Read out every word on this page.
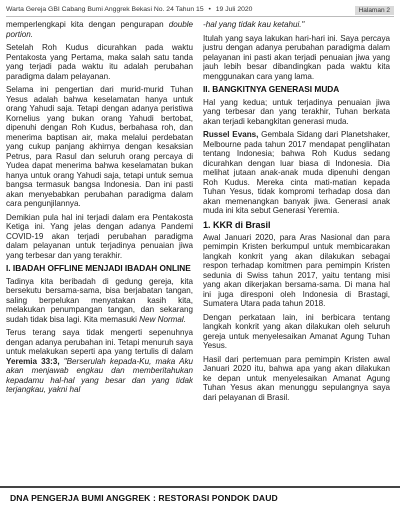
Warta Gereja GBI Cabang Bumi Anggrek Bekasi No. 24 Tahun 15 • 19 Juli 2020	Halaman 2

memperlengkapi kita dengan pengurapan double portion.

Setelah Roh Kudus dicurahkan pada waktu Pentakosta yang Pertama, maka salah satu tanda yang terjadi pada waktu itu adalah perubahan paradigma dalam pelayanan.

Selama ini pengertian dari murid-murid Tuhan Yesus adalah bahwa keselamatan hanya untuk orang Yahudi saja. Tetapi dengan adanya peristiwa Kornelius yang bukan orang Yahudi bertobat, dipenuhi dengan Roh Kudus, berbahasa roh, dan menerima baptisan air, maka melalui perdebatan yang cukup panjang akhirnya dengan kesaksian Petrus, para Rasul dan seluruh orang percaya di Yudea dapat menerima bahwa keselamatan bukan hanya untuk orang Yahudi saja, tetapi untuk semua bangsa termasuk bangsa Indonesia. Dan ini pasti akan menyebabkan perubahan paradigma dalam cara pengunjilannya.

Demikian pula hal ini terjadi dalam era Pentakosta Ketiga ini. Yang jelas dengan adanya Pandemi COVID-19 akan terjadi perubahan paradigma dalam pelayanan untuk terjadinya penuaian jiwa yang terbesar dan yang terakhir.

I. IBADAH OFFLINE MENJADI IBADAH ONLINE

Tadinya kita beribadah di gedung gereja, kita bersekutu bersama-sama, bisa berjabatan tangan, saling berpelukan menyatakan kasih kita, melakukan penumpangan tangan, dan sekarang sudah tidak bisa lagi. Kita memasuki New Normal.

Terus terang saya tidak mengerti sepenuhnya dengan adanya perubahan ini. Tetapi menuruh saya untuk melakukan seperti apa yang tertulis di dalam Yeremia 33:3, "Berserulah kepada-Ku, maka Aku akan menjawab engkau dan memberitahukan kepadamu hal-hal yang besar dan yang tidak terjangkau, yakni hal

-hal yang tidak kau ketahui."

Itulah yang saya lakukan hari-hari ini. Saya percaya justru dengan adanya perubahan paradigma dalam pelayanan ini pasti akan terjadi penuaian jiwa yang jauh lebih besar dibandingkan pada waktu kita menggunakan cara yang lama.

II. BANGKITNYA GENERASI MUDA

Hal yang kedua; untuk terjadinya penuaian jiwa yang terbesar dan yang terakhir, Tuhan berkata akan terjadi kebangkitan generasi muda.

Russel Evans, Gembala Sidang dari Planetshaker, Melbourne pada tahun 2017 mendapat penglihatan tentang Indonesia; bahwa Roh Kudus sedang dicurahkan dengan luar biasa di Indonesia. Dia melihat jutaan anak-anak muda dipenuhi dengan Roh Kudus. Mereka cinta mati-matian kepada Tuhan Yesus, tidak kompromi terhadap dosa dan akan memenangkan banyak jiwa. Generasi anak muda ini kita sebut Generasi Yeremia.

1. KKR di Brasil

Awal Januari 2020, para Aras Nasional dan para pemimpin Kristen berkumpul untuk membicarakan langkah konkrit yang akan dilakukan sebagai respon terhadap komitmen para pemimpin Kristen sedunia di Swiss tahun 2017, yaitu tentang misi yang akan dikerjakan bersama-sama. Di mana hal ini juga diresponi oleh Indonesia di Brastagi, Sumatera Utara pada tahun 2018.

Dengan perkataan lain, ini berbicara tentang langkah konkrit yang akan dilakukan oleh seluruh gereja untuk menyelesaikan Amanat Agung Tuhan Yesus.

Hasil dari pertemuan para pemimpin Kristen awal Januari 2020 itu, bahwa apa yang akan dilakukan ke depan untuk menyelesaikan Amanat Agung Tuhan Yesus akan menunggu sepulangnya saya dari pelayanan di Brasil.

DNA PENGERJA BUMI ANGGREK : RESTORASI PONDOK DAUD
